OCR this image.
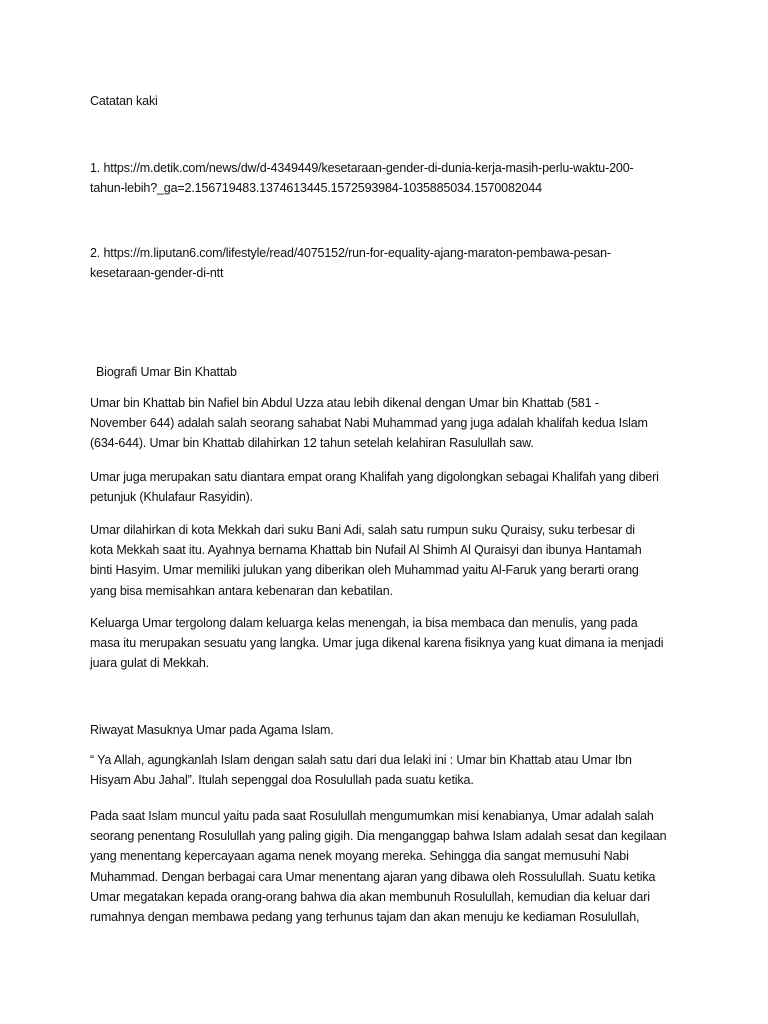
Catatan kaki
1. https://m.detik.com/news/dw/d-4349449/kesetaraan-gender-di-dunia-kerja-masih-perlu-waktu-200-
tahun-lebih?_ga=2.156719483.1374613445.1572593984-1035885034.1570082044
2. https://m.liputan6.com/lifestyle/read/4075152/run-for-equality-ajang-maraton-pembawa-pesan-
kesetaraan-gender-di-ntt
Biografi Umar Bin Khattab
Umar bin Khattab bin Nafiel bin Abdul Uzza atau lebih dikenal dengan Umar bin Khattab (581 -
November 644) adalah salah seorang sahabat Nabi Muhammad yang juga adalah khalifah kedua Islam
(634-644). Umar bin Khattab dilahirkan 12 tahun setelah kelahiran Rasulullah saw.
Umar juga merupakan satu diantara empat orang Khalifah yang digolongkan sebagai Khalifah yang diberi
petunjuk (Khulafaur Rasyidin).
Umar dilahirkan di kota Mekkah dari suku Bani Adi, salah satu rumpun suku Quraisy, suku terbesar di
kota Mekkah saat itu. Ayahnya bernama Khattab bin Nufail Al Shimh Al Quraisyi dan ibunya Hantamah
binti Hasyim. Umar memiliki julukan yang diberikan oleh Muhammad yaitu Al-Faruk yang berarti orang
yang bisa memisahkan antara kebenaran dan kebatilan.
Keluarga Umar tergolong dalam keluarga kelas menengah, ia bisa membaca dan menulis, yang pada
masa itu merupakan sesuatu yang langka. Umar juga dikenal karena fisiknya yang kuat dimana ia menjadi
juara gulat di Mekkah.
Riwayat Masuknya Umar pada Agama Islam.
“ Ya Allah, agungkanlah Islam dengan salah satu dari dua lelaki ini : Umar bin Khattab atau Umar Ibn
Hisyam Abu Jahal”. Itulah sepenggal doa Rosulullah pada suatu ketika.
Pada saat Islam muncul yaitu pada saat Rosulullah mengumumkan misi kenabianya, Umar adalah salah
seorang penentang Rosulullah yang paling gigih. Dia menganggap bahwa Islam adalah sesat dan kegilaan
yang menentang kepercayaan agama nenek moyang mereka. Sehingga dia sangat memusuhi Nabi
Muhammad. Dengan berbagai cara Umar menentang ajaran yang dibawa oleh Rossulullah. Suatu ketika
Umar megatakan kepada orang-orang bahwa dia akan membunuh Rosulullah, kemudian dia keluar dari
rumahnya dengan membawa pedang yang terhunus tajam dan akan menuju ke kediaman Rosulullah,
